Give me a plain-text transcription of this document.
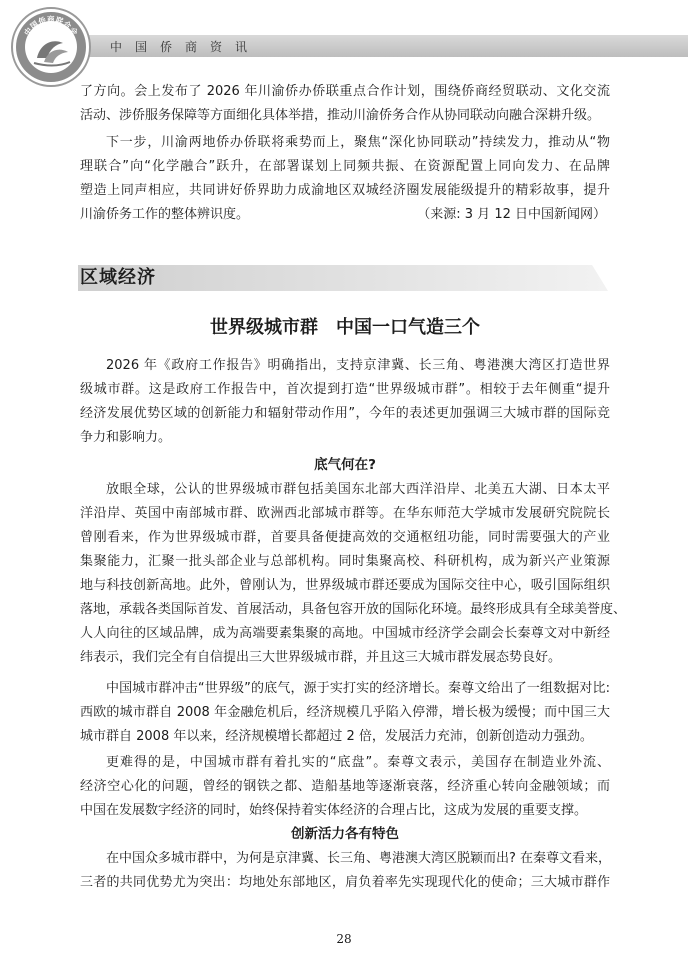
中国侨商资讯
中国侨商联合会
了方向。会上发布了 2026 年川渝侨办侨联重点合作计划，围绕侨商经贸联动、文化交流
活动、涉侨服务保障等方面细化具体举措，推动川渝侨务合作从协同联动向融合深耕升级。
下一步，川渝两地侨办侨联将乘势而上，聚焦“深化协同联动”持续发力，推动从“物
理联合”向“化学融合”跃升，在部署谋划上同频共振、在资源配置上同向发力、在品牌
塑造上同声相应，共同讲好侨界助力成渝地区双城经济圈发展能级提升的精彩故事，提升
川渝侨务工作的整体辨识度。	（来源: 3 月 12 日中国新闻网）
区域经济
世界级城市群　中国一口气造三个
2026 年《政府工作报告》明确指出，支持京津冀、长三角、粤港澳大湾区打造世界
级城市群。这是政府工作报告中，首次提到打造“世界级城市群”。相较于去年侧重“提升
经济发展优势区域的创新能力和辐射带动作用”，今年的表述更加强调三大城市群的国际竞
争力和影响力。
底气何在?
放眼全球，公认的世界级城市群包括美国东北部大西洋沿岸、北美五大湖、日本太平
洋沿岸、英国中南部城市群、欧洲西北部城市群等。在华东师范大学城市发展研究院院长
曾刚看来，作为世界级城市群，首要具备便捷高效的交通枢纽功能，同时需要强大的产业
集聚能力，汇聚一批头部企业与总部机构。同时集聚高校、科研机构，成为新兴产业策源
地与科技创新高地。此外，曾刚认为，世界级城市群还要成为国际交往中心，吸引国际组织
落地，承载各类国际首发、首展活动，具备包容开放的国际化环境。最终形成具有全球美誉度、
人人向往的区域品牌，成为高端要素集聚的高地。中国城市经济学会副会长秦尊文对中新经
纬表示，我们完全有自信提出三大世界级城市群，并且这三大城市群发展态势良好。
中国城市群冲击“世界级”的底气，源于实打实的经济增长。秦尊文给出了一组数据对比:
西欧的城市群自 2008 年金融危机后，经济规模几乎陷入停滞，增长极为缓慢；而中国三大
城市群自 2008 年以来，经济规模增长都超过 2 倍，发展活力充沛，创新创造动力强劲。
更难得的是，中国城市群有着扎实的“底盘”。秦尊文表示，美国存在制造业外流、
经济空心化的问题，曾经的钢铁之都、造船基地等逐渐衰落，经济重心转向金融领域；而
中国在发展数字经济的同时，始终保持着实体经济的合理占比，这成为发展的重要支撑。
创新活力各有特色
在中国众多城市群中，为何是京津冀、长三角、粤港澳大湾区脱颖而出? 在秦尊文看来，
三者的共同优势尤为突出：均地处东部地区，肩负着率先实现现代化的使命；三大城市群作
28
